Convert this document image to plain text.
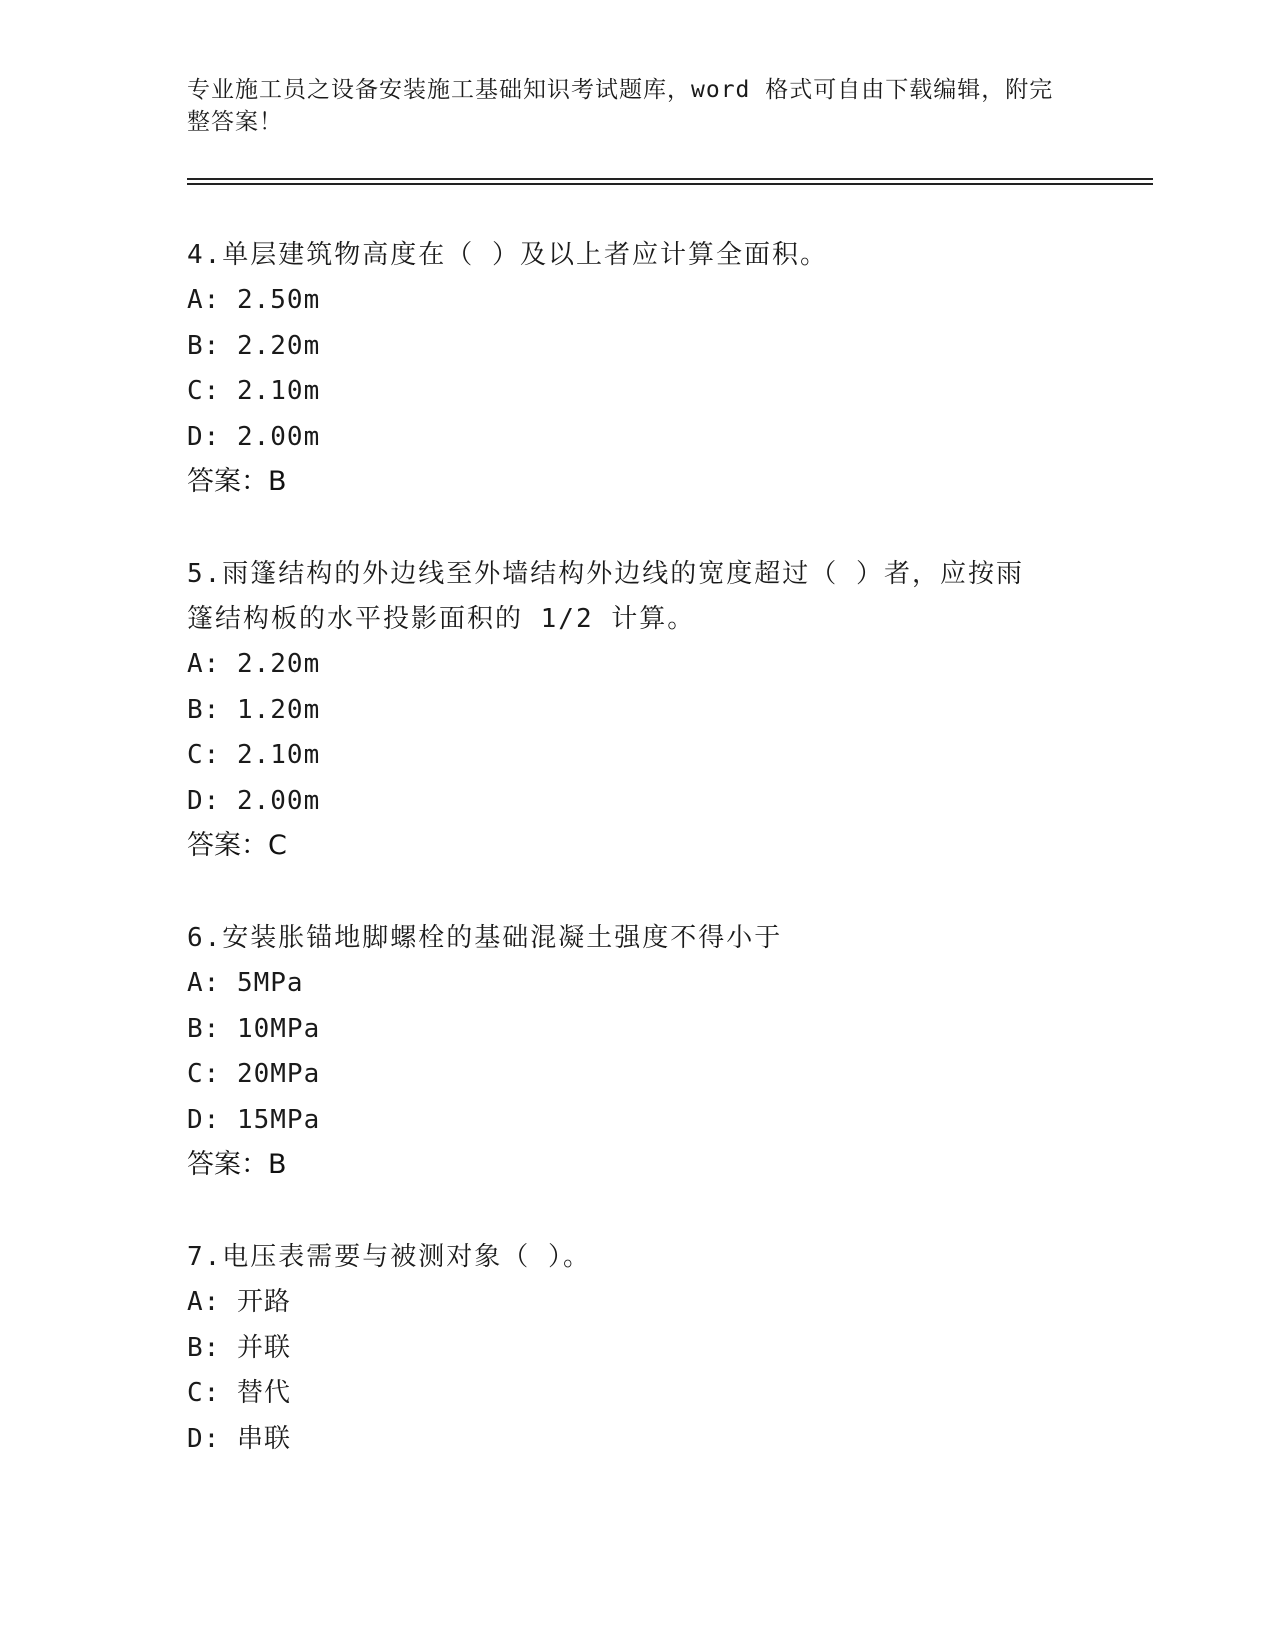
专业施工员之设备安装施工基础知识考试题库，word 格式可自由下载编辑，附完整答案！

4.单层建筑物高度在（ ）及以上者应计算全面积。

A: 2.50m

B: 2.20m

C: 2.10m

D: 2.00m

答案：B

5.雨篷结构的外边线至外墙结构外边线的宽度超过（ ）者，应按雨篷结构板的水平投影面积的 1/2 计算。

A: 2.20m

B: 1.20m

C: 2.10m

D: 2.00m

答案：C

6.安装胀锚地脚螺栓的基础混凝土强度不得小于

A: 5MPa

B: 10MPa

C: 20MPa

D: 15MPa

答案：B

7.电压表需要与被测对象（ ）。

A: 开路

B: 并联

C: 替代

D: 串联
